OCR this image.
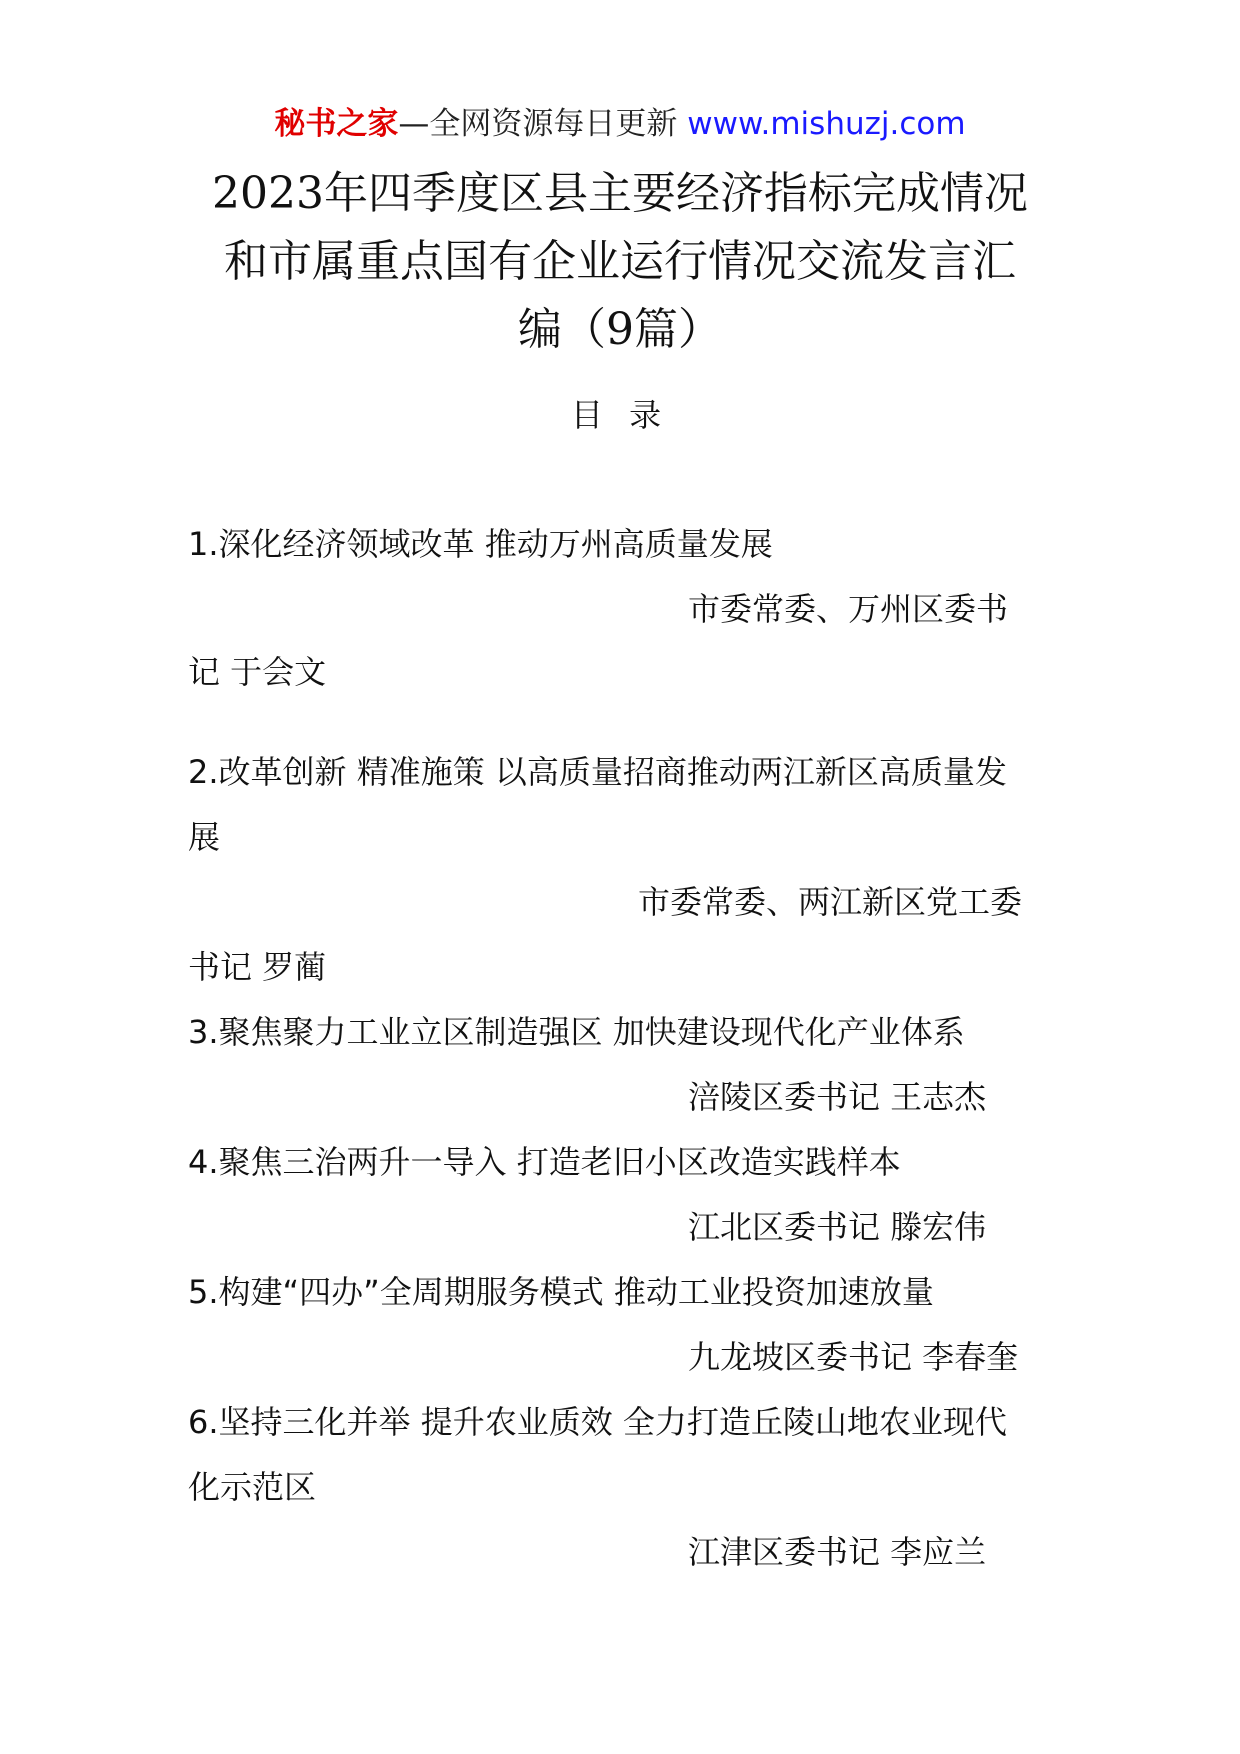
秘书之家—全网资源每日更新 www.mishuzj.com
2023年四季度区县主要经济指标完成情况
和市属重点国有企业运行情况交流发言汇
编（9篇）
目 录
1.深化经济领域改革 推动万州高质量发展
市委常委、万州区委书
记 于会文
2.改革创新 精准施策 以高质量招商推动两江新区高质量发
展
市委常委、两江新区党工委
书记 罗蔺
3.聚焦聚力工业立区制造强区 加快建设现代化产业体系
涪陵区委书记 王志杰
4.聚焦三治两升一导入 打造老旧小区改造实践样本
江北区委书记 滕宏伟
5.构建“四办”全周期服务模式 推动工业投资加速放量
九龙坡区委书记 李春奎
6.坚持三化并举 提升农业质效 全力打造丘陵山地农业现代
化示范区
江津区委书记 李应兰
